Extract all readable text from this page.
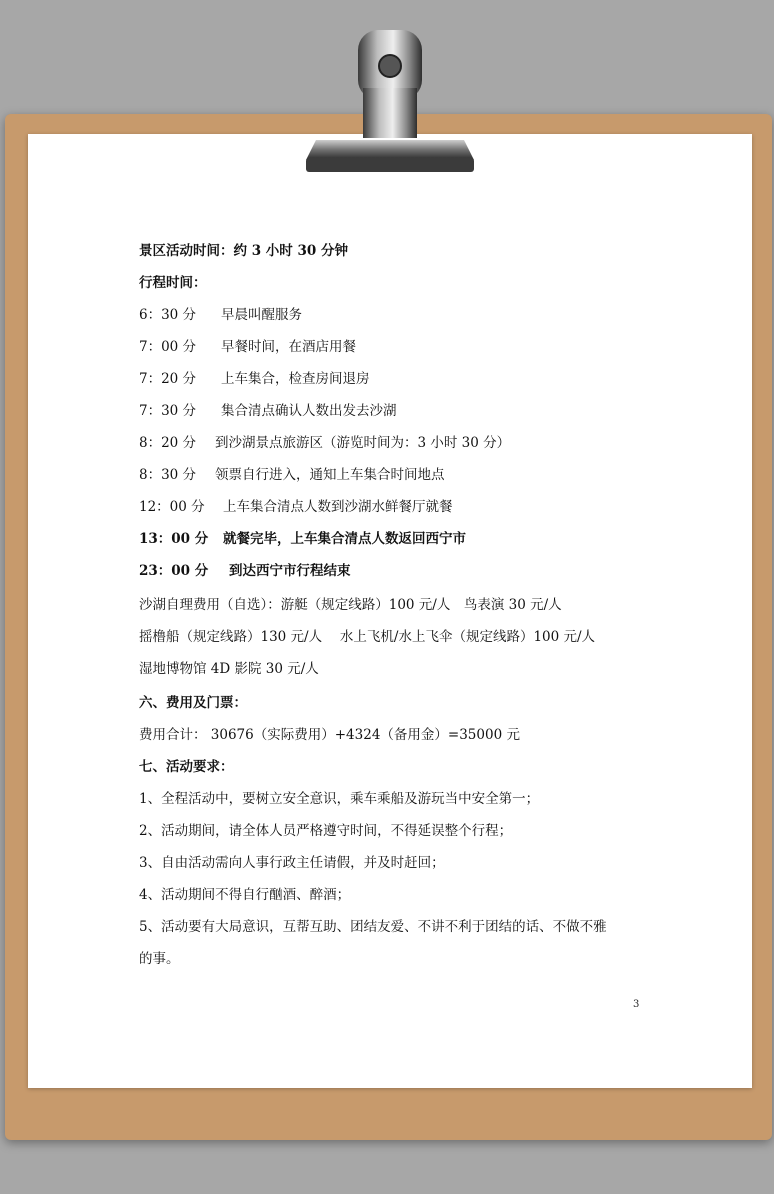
景区活动时间：约 3 小时 30 分钟
行程时间：
6：30 分 早晨叫醒服务
7：00 分 早餐时间，在酒店用餐
7：20 分 上车集合，检查房间退房
7：30 分 集合清点确认人数出发去沙湖
8：20 分 到沙湖景点旅游区（游览时间为：3 小时 30 分）
8：30 分 领票自行进入，通知上车集合时间地点
12：00 分 上车集合清点人数到沙湖水鲜餐厅就餐
13：00 分 就餐完毕，上车集合清点人数返回西宁市
23：00 分 到达西宁市行程结束
沙湖自理费用（自选）：游艇（规定线路）100 元/人　鸟表演 30 元/人
摇橹船（规定线路）130 元/人　 水上飞机/水上飞伞（规定线路）100 元/人
湿地博物馆 4D 影院 30 元/人
六、费用及门票：
费用合计： 30676（实际费用）+4324（备用金）=35000 元
七、活动要求：
1、全程活动中，要树立安全意识，乘车乘船及游玩当中安全第一；
2、活动期间，请全体人员严格遵守时间，不得延误整个行程；
3、自由活动需向人事行政主任请假，并及时赶回；
4、活动期间不得自行酗酒、醉酒；
5、活动要有大局意识，互帮互助、团结友爱、不讲不利于团结的话、不做不雅
的事。
3
